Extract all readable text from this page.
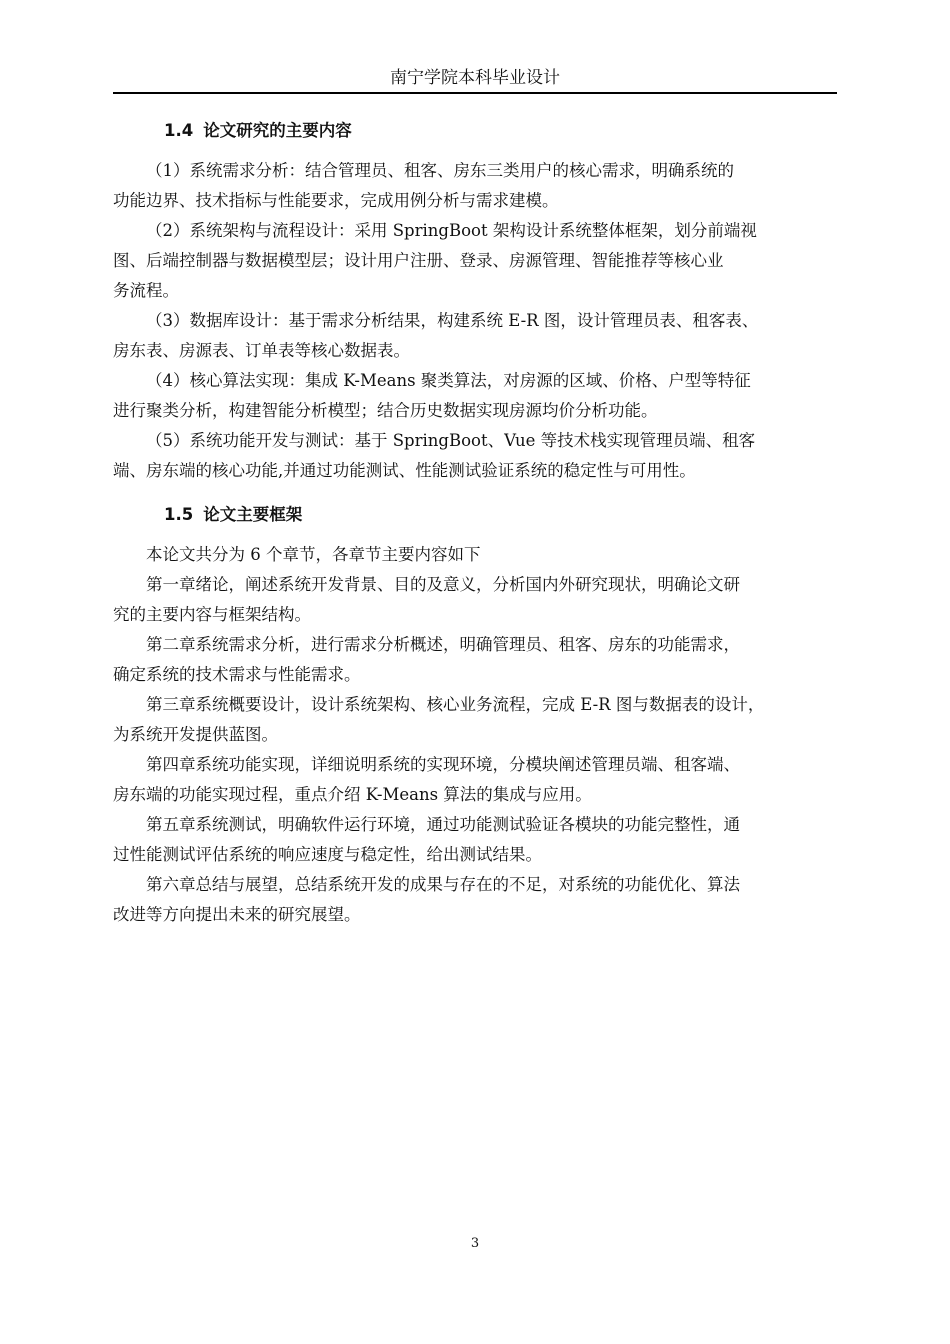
南宁学院本科毕业设计
1.4 论文研究的主要内容

（1）系统需求分析：结合管理员、租客、房东三类用户的核心需求，明确系统的
功能边界、技术指标与性能要求，完成用例分析与需求建模。

（2）系统架构与流程设计：采用 SpringBoot 架构设计系统整体框架，划分前端视
图、后端控制器与数据模型层；设计用户注册、登录、房源管理、智能推荐等核心业
务流程。

（3）数据库设计：基于需求分析结果，构建系统 E-R 图，设计管理员表、租客表、
房东表、房源表、订单表等核心数据表。

（4）核心算法实现：集成 K-Means 聚类算法，对房源的区域、价格、户型等特征
进行聚类分析，构建智能分析模型；结合历史数据实现房源均价分析功能。

（5）系统功能开发与测试：基于 SpringBoot、Vue 等技术栈实现管理员端、租客
端、房东端的核心功能,并通过功能测试、性能测试验证系统的稳定性与可用性。

1.5 论文主要框架

本论文共分为 6 个章节，各章节主要内容如下

第一章绪论，阐述系统开发背景、目的及意义，分析国内外研究现状，明确论文研
究的主要内容与框架结构。

第二章系统需求分析，进行需求分析概述，明确管理员、租客、房东的功能需求，
确定系统的技术需求与性能需求。

第三章系统概要设计，设计系统架构、核心业务流程，完成 E-R 图与数据表的设计，
为系统开发提供蓝图。

第四章系统功能实现，详细说明系统的实现环境，分模块阐述管理员端、租客端、
房东端的功能实现过程，重点介绍 K-Means 算法的集成与应用。

第五章系统测试，明确软件运行环境，通过功能测试验证各模块的功能完整性，通
过性能测试评估系统的响应速度与稳定性，给出测试结果。

第六章总结与展望，总结系统开发的成果与存在的不足，对系统的功能优化、算法
改进等方向提出未来的研究展望。

3
